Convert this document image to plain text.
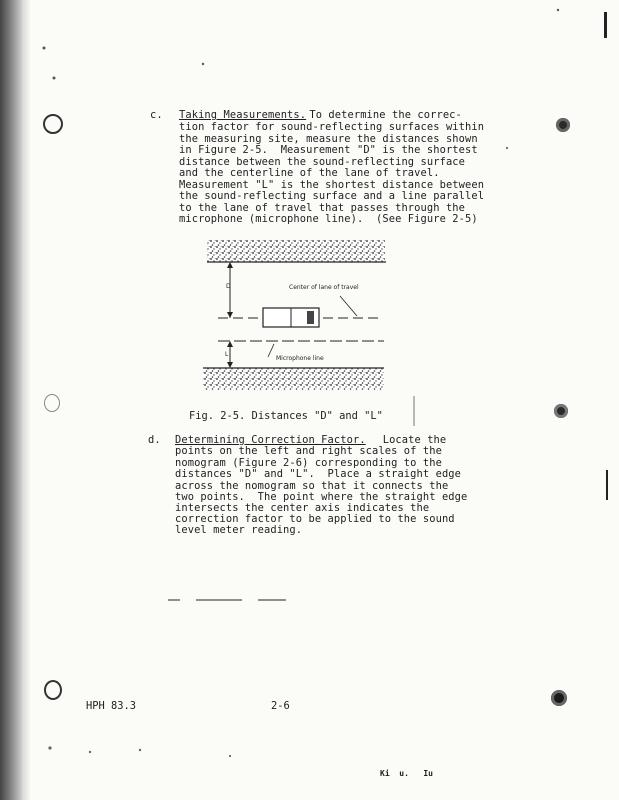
c. Taking Measurements.
To determine the correc-
tion factor for sound-reflecting surfaces within
the measuring site, measure the distances shown
in Figure 2-5.  Measurement "D" is the shortest
distance between the sound-reflecting surface
and the centerline of the lane of travel.
Measurement "L" is the shortest distance between
the sound-reflecting surface and a line parallel
to the lane of travel that passes through the
microphone (microphone line).  (See Figure 2-5)
D	Center of lane of travel
L
Microphone line
Fig. 2-5. Distances "D" and "L"
d. Determining Correction Factor. Locate the
points on the left and right scales of the
nomogram (Figure 2-6) corresponding to the
distances "D" and "L".  Place a straight edge
across the nomogram so that it connects the
two points.  The point where the straight edge
intersects the center axis indicates the
correction factor to be applied to the sound
level meter reading.
HPH 83.3	2-6
Ki  u.   Iu
